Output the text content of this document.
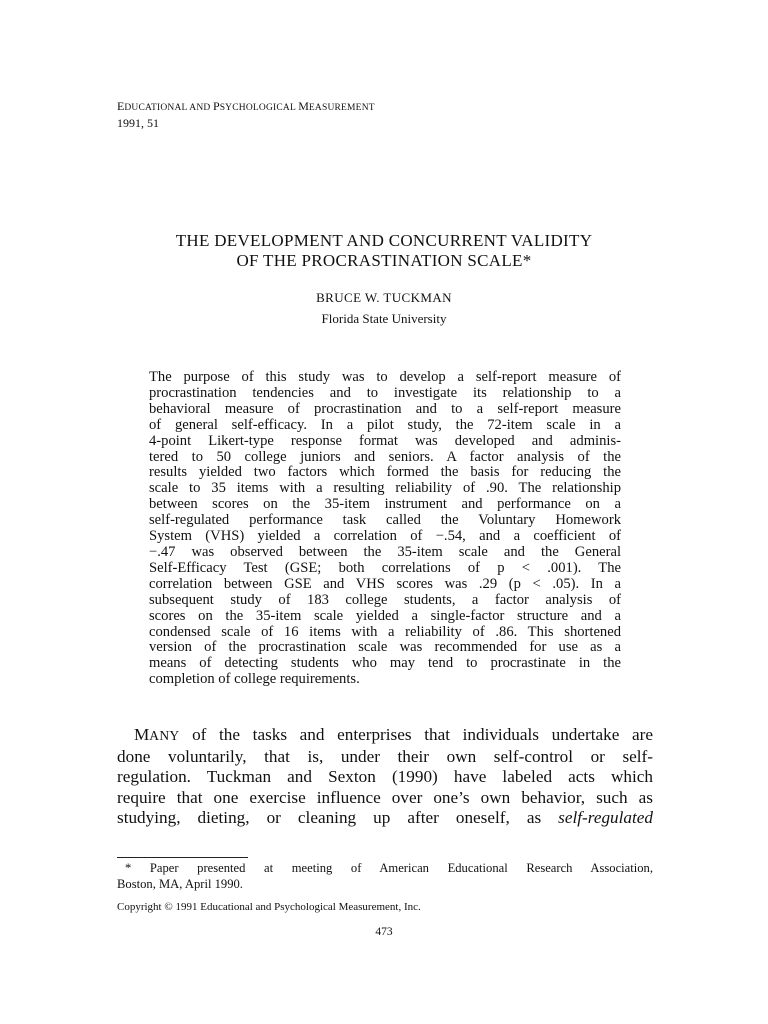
EDUCATIONAL AND PSYCHOLOGICAL MEASUREMENT
1991, 51
THE DEVELOPMENT AND CONCURRENT VALIDITY
OF THE PROCRASTINATION SCALE*
BRUCE W. TUCKMAN
Florida State University
The purpose of this study was to develop a self-report measure of
procrastination tendencies and to investigate its relationship to a
behavioral measure of procrastination and to a self-report measure
of general self-efficacy. In a pilot study, the 72-item scale in a
4-point Likert-type response format was developed and adminis-
tered to 50 college juniors and seniors. A factor analysis of the
results yielded two factors which formed the basis for reducing the
scale to 35 items with a resulting reliability of .90. The relationship
between scores on the 35-item instrument and performance on a
self-regulated performance task called the Voluntary Homework
System (VHS) yielded a correlation of −.54, and a coefficient of
−.47 was observed between the 35-item scale and the General
Self-Efficacy Test (GSE; both correlations of p < .001). The
correlation between GSE and VHS scores was .29 (p < .05). In a
subsequent study of 183 college students, a factor analysis of
scores on the 35-item scale yielded a single-factor structure and a
condensed scale of 16 items with a reliability of .86. This shortened
version of the procrastination scale was recommended for use as a
means of detecting students who may tend to procrastinate in the
completion of college requirements.
MANY of the tasks and enterprises that individuals undertake are
done voluntarily, that is, under their own self-control or self-
regulation. Tuckman and Sexton (1990) have labeled acts which
require that one exercise influence over one’s own behavior, such as
studying, dieting, or cleaning up after oneself, as self-regulated
* Paper presented at meeting of American Educational Research Association,
Boston, MA, April 1990.
Copyright © 1991 Educational and Psychological Measurement, Inc.
473
